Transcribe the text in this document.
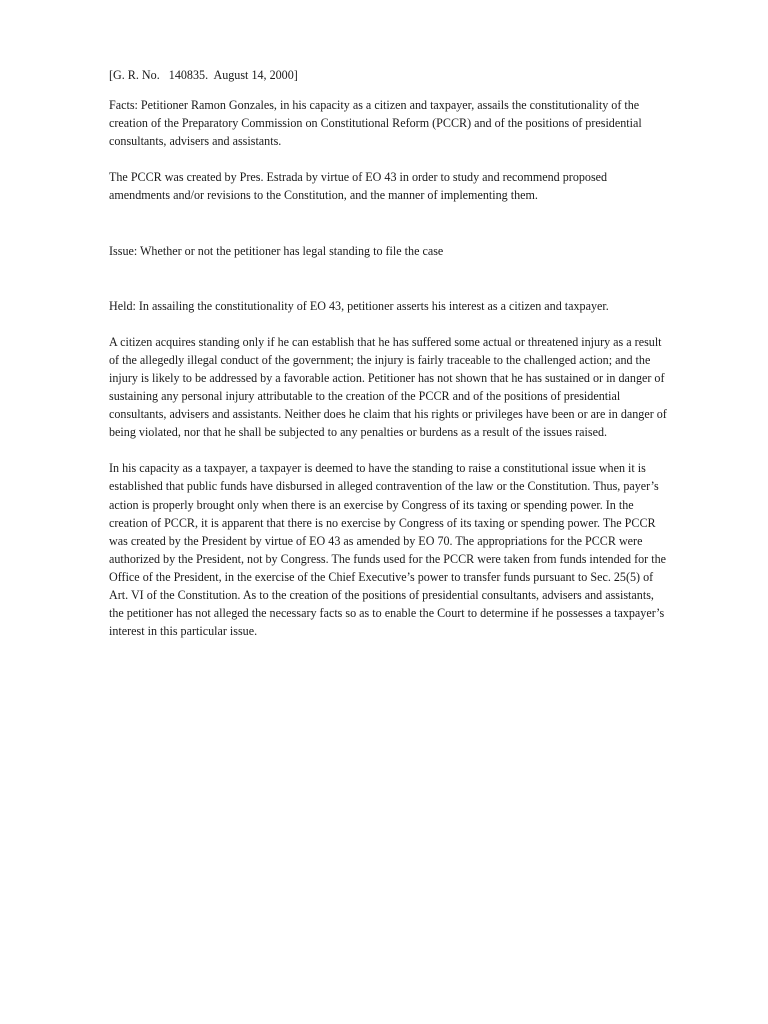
[G. R. No.   140835.  August 14, 2000]

Facts: Petitioner Ramon Gonzales, in his capacity as a citizen and taxpayer, assails the constitutionality of the creation of the Preparatory Commission on Constitutional Reform (PCCR) and of the positions of presidential consultants, advisers and assistants.

The PCCR was created by Pres. Estrada by virtue of EO 43 in order to study and recommend proposed amendments and/or revisions to the Constitution, and the manner of implementing them.

Issue: Whether or not the petitioner has legal standing to file the case

Held: In assailing the constitutionality of EO 43, petitioner asserts his interest as a citizen and taxpayer.

A citizen acquires standing only if he can establish that he has suffered some actual or threatened injury as a result of the allegedly illegal conduct of the government; the injury is fairly traceable to the challenged action; and the injury is likely to be addressed by a favorable action. Petitioner has not shown that he has sustained or in danger of sustaining any personal injury attributable to the creation of the PCCR and of the positions of presidential consultants, advisers and assistants. Neither does he claim that his rights or privileges have been or are in danger of being violated, nor that he shall be subjected to any penalties or burdens as a result of the issues raised.

In his capacity as a taxpayer, a taxpayer is deemed to have the standing to raise a constitutional issue when it is established that public funds have disbursed in alleged contravention of the law or the Constitution. Thus, payer’s action is properly brought only when there is an exercise by Congress of its taxing or spending power. In the creation of PCCR, it is apparent that there is no exercise by Congress of its taxing or spending power. The PCCR was created by the President by virtue of EO 43 as amended by EO 70. The appropriations for the PCCR were authorized by the President, not by Congress. The funds used for the PCCR were taken from funds intended for the Office of the President, in the exercise of the Chief Executive’s power to transfer funds pursuant to Sec. 25(5) of Art. VI of the Constitution. As to the creation of the positions of presidential consultants, advisers and assistants, the petitioner has not alleged the necessary facts so as to enable the Court to determine if he possesses a taxpayer’s interest in this particular issue.
